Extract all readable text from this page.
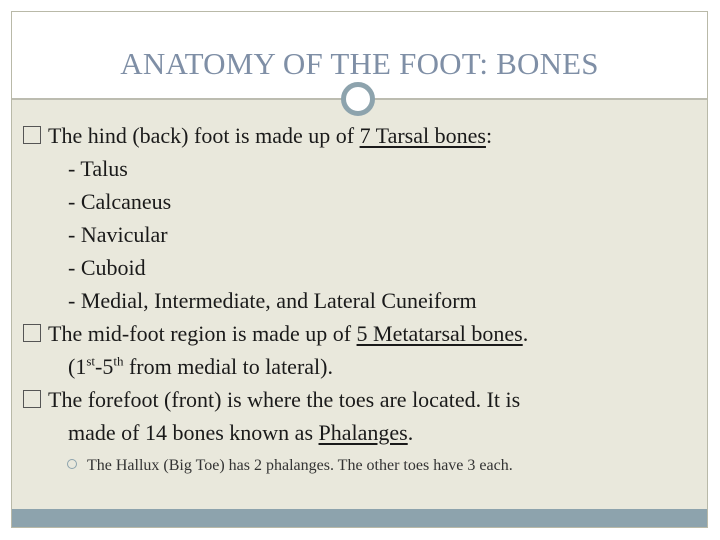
ANATOMY OF THE FOOT: BONES
The hind (back) foot is made up of 7 Tarsal bones:
- Talus
- Calcaneus
- Navicular
- Cuboid
- Medial, Intermediate, and Lateral Cuneiform
The mid-foot region is made up of 5 Metatarsal bones.
(1st-5th from medial to lateral).
The forefoot (front) is where the toes are located. It is
made of 14 bones known as Phalanges.
The Hallux (Big Toe) has 2 phalanges. The other toes have 3 each.
